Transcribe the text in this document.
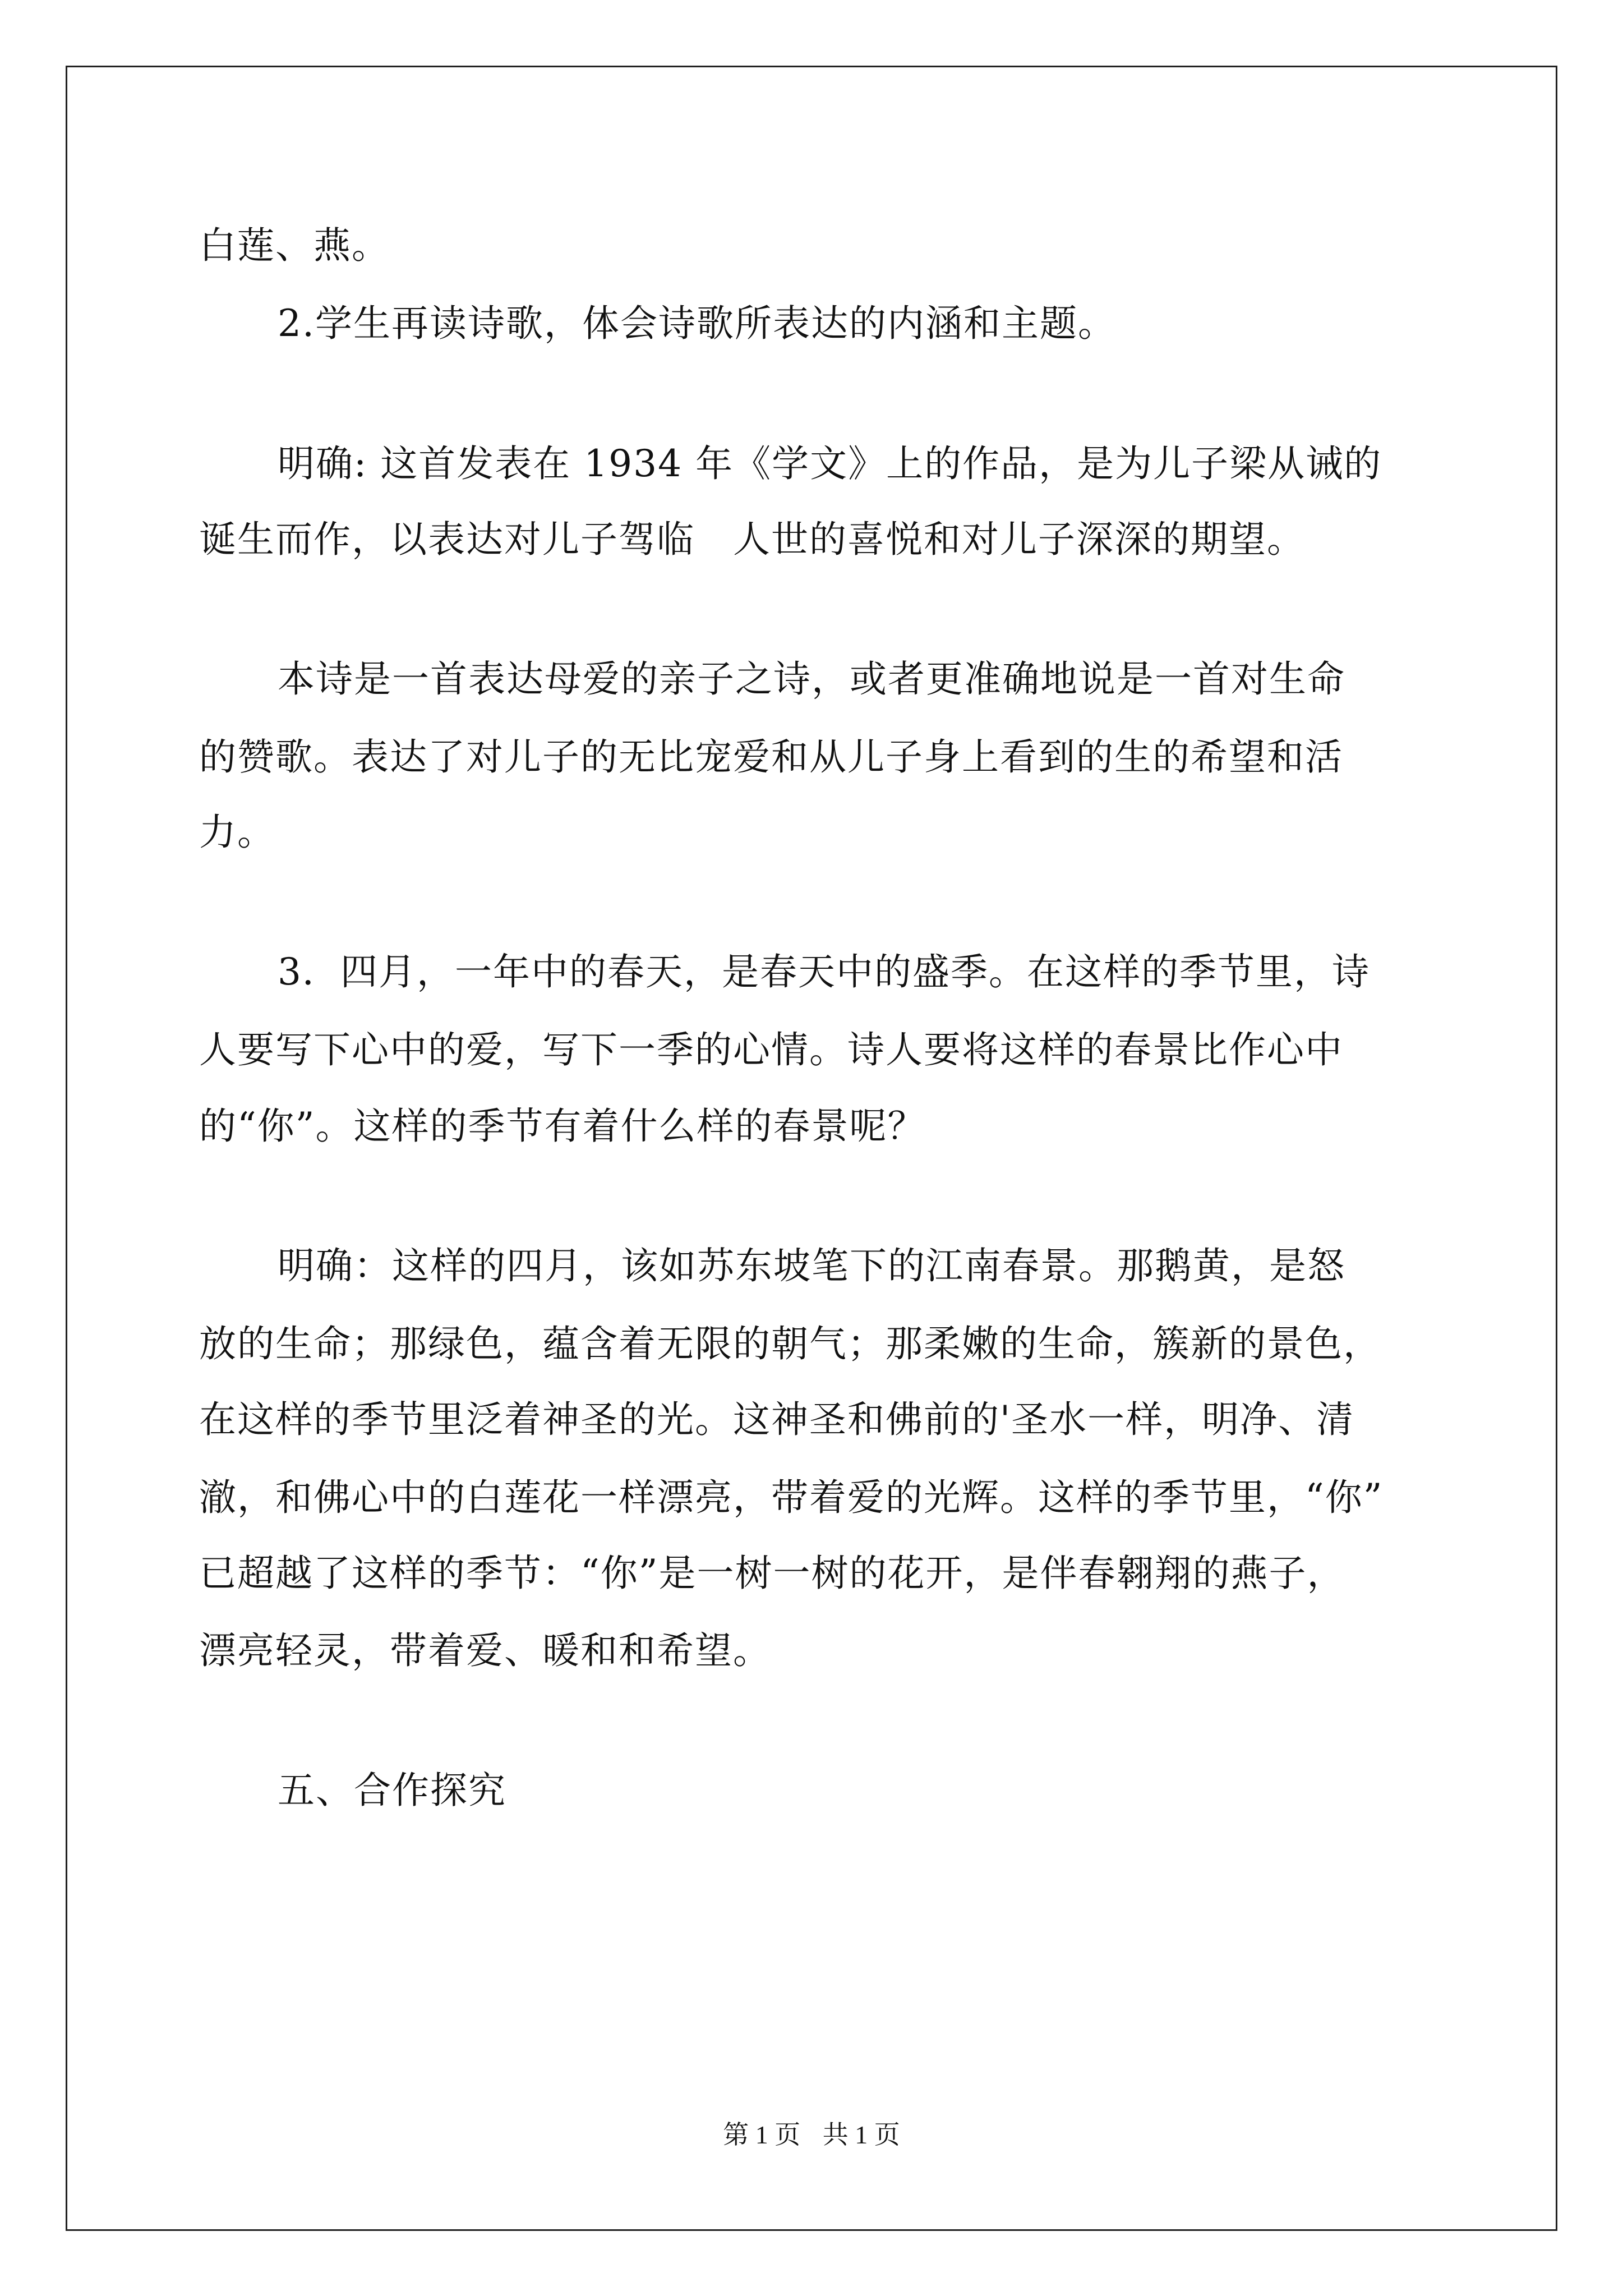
白莲、燕。
2.学生再读诗歌，体会诗歌所表达的内涵和主题。
明确: 这首发表在 1934 年《学文》上的作品，是为儿子梁从诫的
诞生而作，以表达对儿子驾临　人世的喜悦和对儿子深深的期望。
本诗是一首表达母爱的亲子之诗，或者更准确地说是一首对生命
的赞歌。表达了对儿子的无比宠爱和从儿子身上看到的生的希望和活
力。
3．四月，一年中的春天，是春天中的盛季。在这样的季节里，诗
人要写下心中的爱，写下一季的心情。诗人要将这样的春景比作心中
的“你”。这样的季节有着什么样的春景呢？
明确：这样的四月，该如苏东坡笔下的江南春景。那鹅黄，是怒
放的生命；那绿色，蕴含着无限的朝气；那柔嫩的生命，簇新的景色，
在这样的季节里泛着神圣的光。这神圣和佛前的'圣水一样，明净、清
澈，和佛心中的白莲花一样漂亮，带着爱的光辉。这样的季节里，“你”
已超越了这样的季节：“你”是一树一树的花开，是伴春翱翔的燕子，
漂亮轻灵，带着爱、暖和和希望。
五、合作探究
第 1 页 共 1 页
